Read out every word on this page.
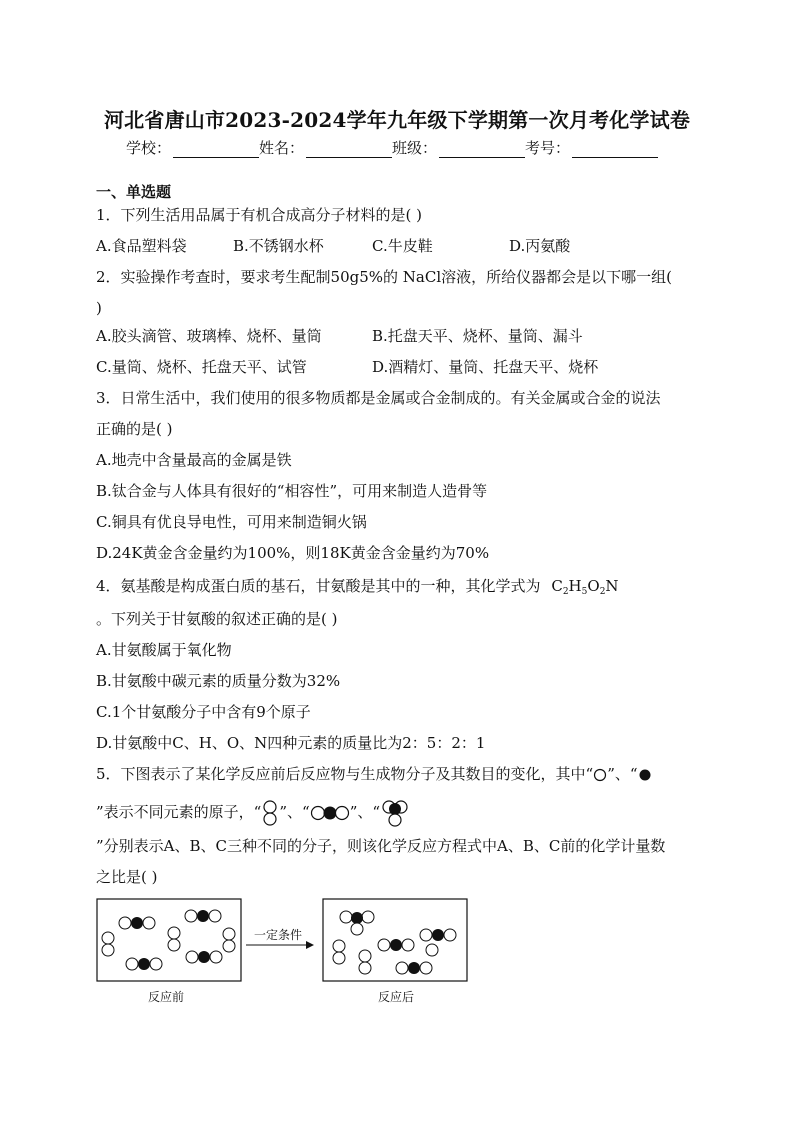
河北省唐山市2023-2024学年九年级下学期第一次月考化学试卷
学校：	姓名：	班级：	考号：
一、单选题
1．下列生活用品属于有机合成高分子材料的是( )
A.食品塑料袋	B.不锈钢水杯	C.牛皮鞋	D.丙氨酸
2．实验操作考查时，要求考生配制50g5%的 NaCl溶液，所给仪器都会是以下哪一组(
)
A.胶头滴管、玻璃棒、烧杯、量筒	B.托盘天平、烧杯、量筒、漏斗
C.量筒、烧杯、托盘天平、试管	D.酒精灯、量筒、托盘天平、烧杯
3．日常生活中，我们使用的很多物质都是金属或合金制成的。有关金属或合金的说法
正确的是( )
A.地壳中含量最高的金属是铁
B.钛合金与人体具有很好的“相容性”，可用来制造人造骨等
C.铜具有优良导电性，可用来制造铜火锅
D.24K黄金含金量约为100%，则18K黄金含金量约为70%
4．氨基酸是构成蛋白质的基石，甘氨酸是其中的一种，其化学式为 $C_2H_5O_2N$
。下列关于甘氨酸的叙述正确的是( )
A.甘氨酸属于氧化物
B.甘氨酸中碳元素的质量分数为32%
C.1个甘氨酸分子中含有9个原子
D.甘氨酸中C、H、O、N四种元素的质量比为2：5：2：1
5．下图表示了某化学反应前后反应物与生成物分子及其数目的变化，其中“ ”、“
”表示不同元素的原子，“ ”、“	”、“
”分别表示A、B、C三种不同的分子，则该化学反应方程式中A、B、C前的化学计量数
之比是( )
一定条件
反应前	反应后
